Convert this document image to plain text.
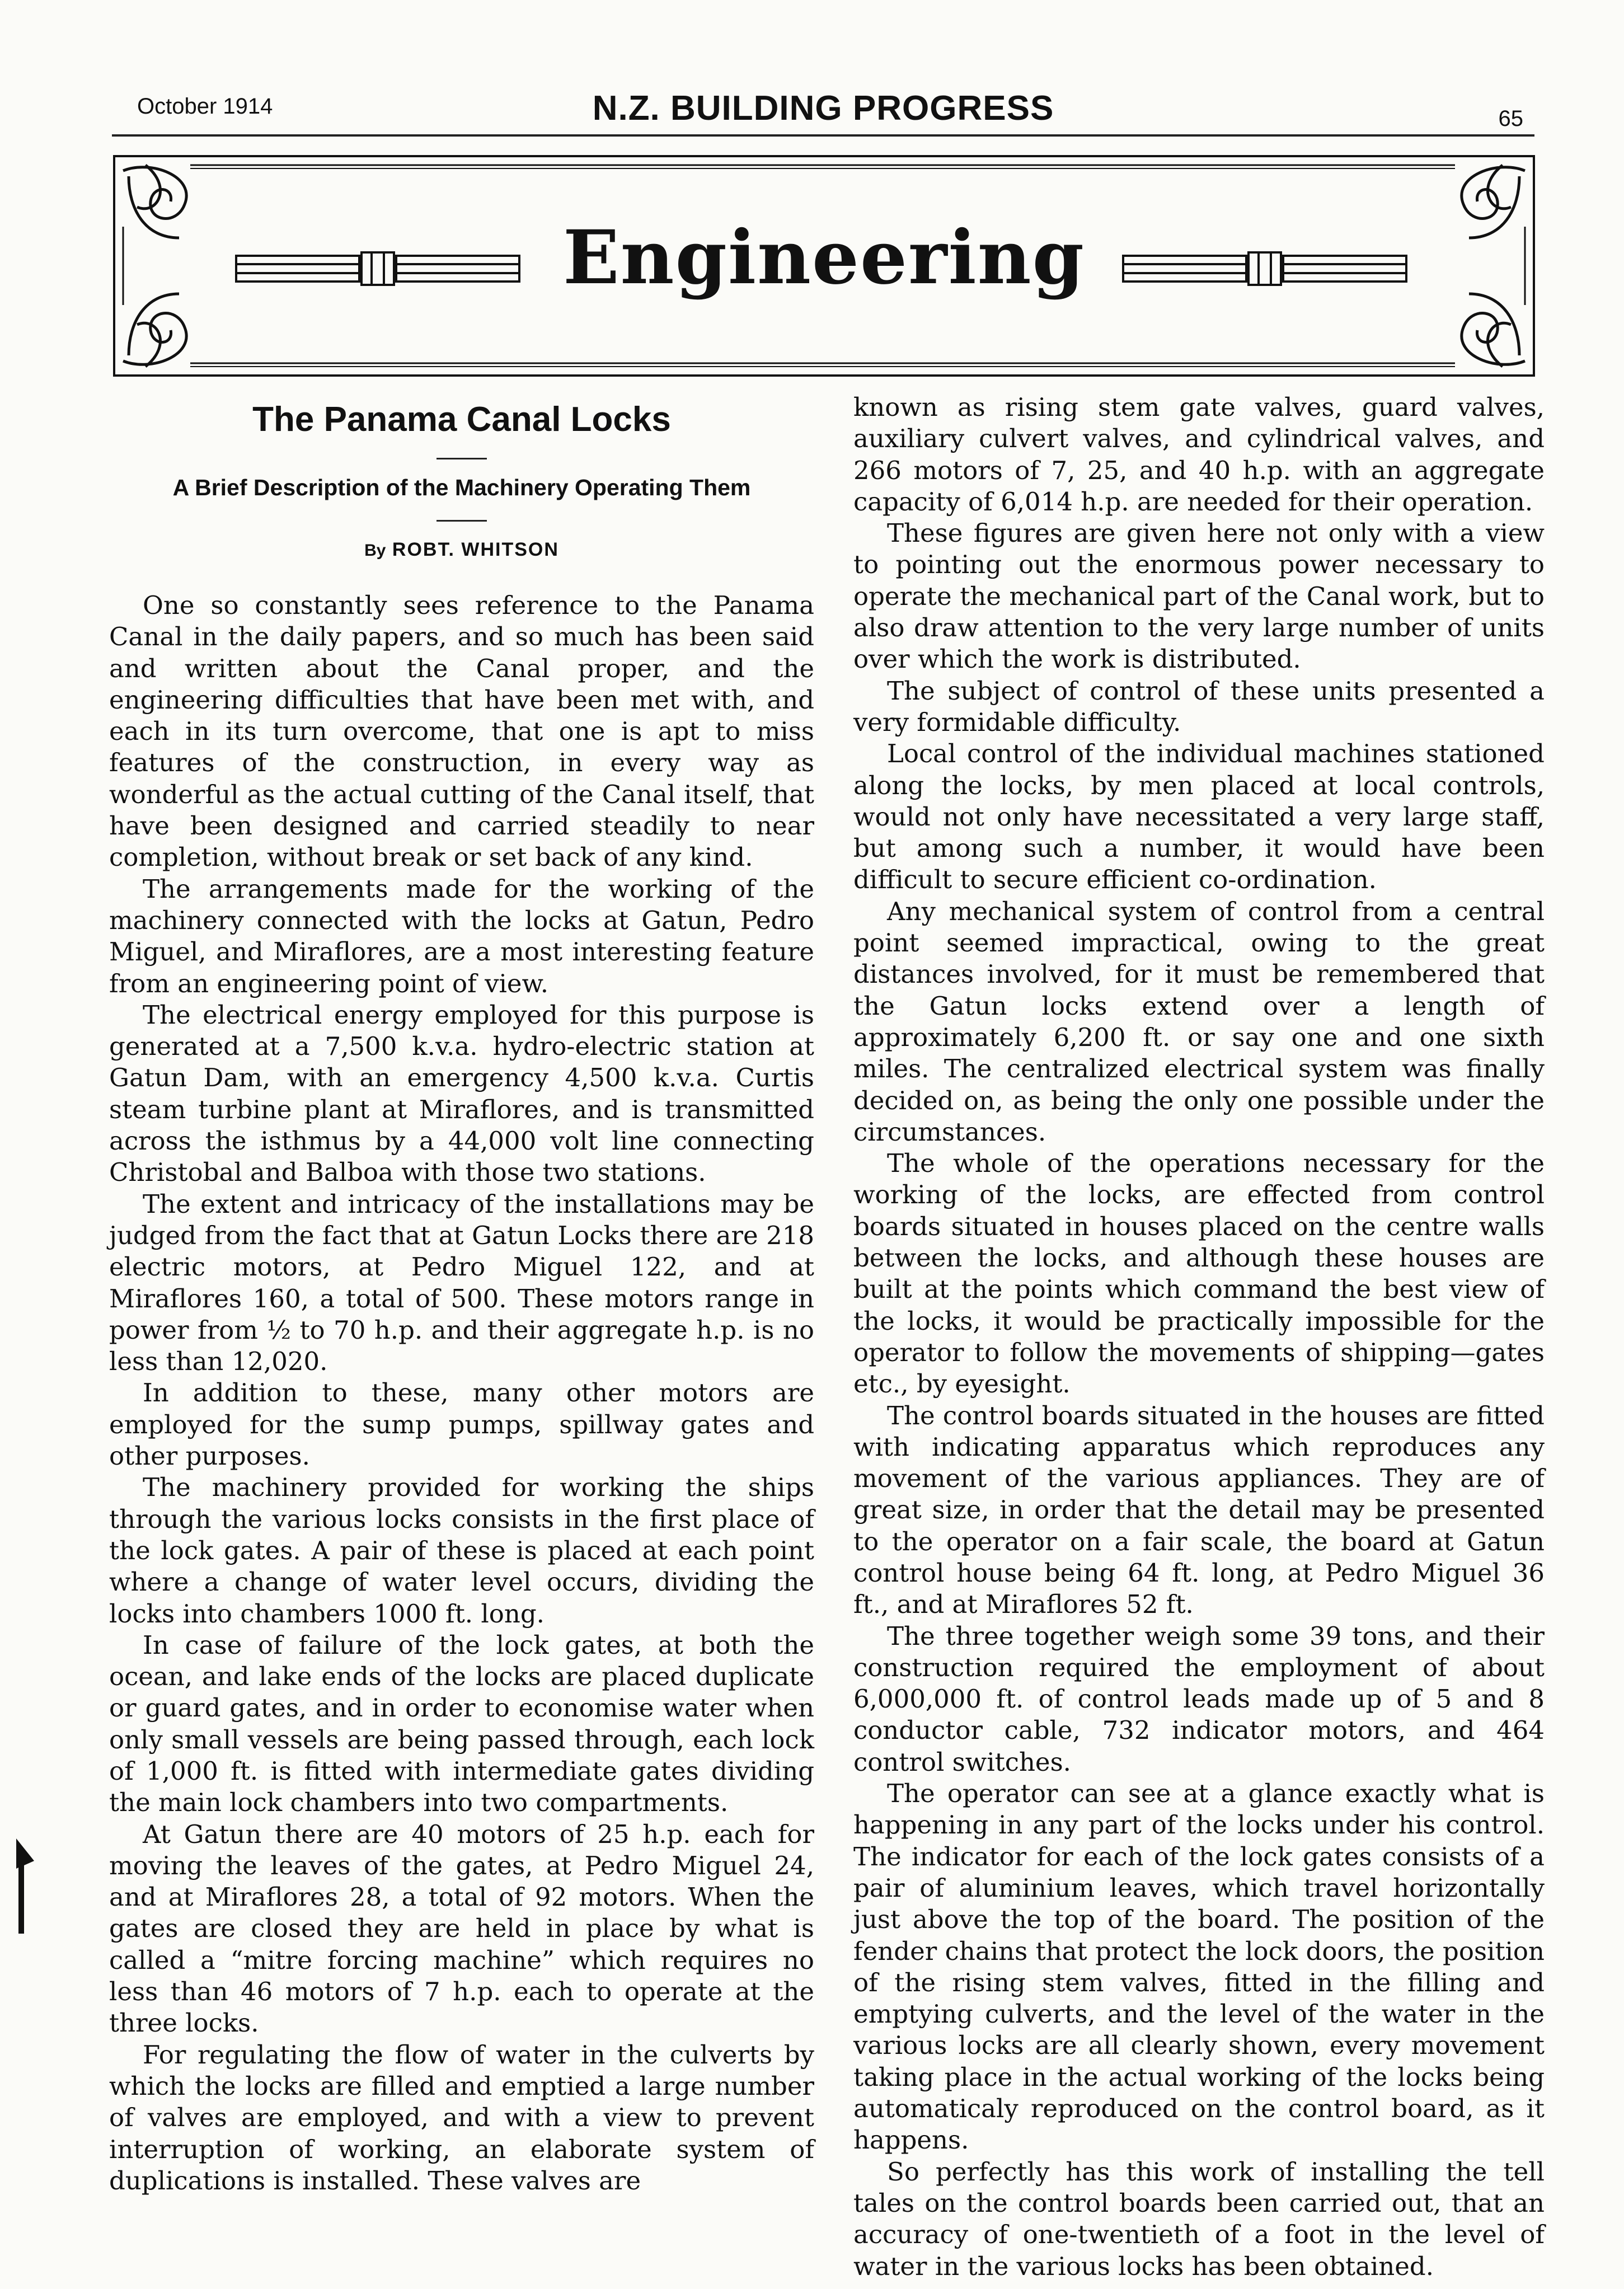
October 1914	N.Z. BUILDING PROGRESS	65
Engineering
The Panama Canal Locks

A Brief Description of the Machinery Operating Them

By ROBT. WHITSON

One so constantly sees reference to the Panama Canal in the daily papers, and so much has been said and written about the Canal proper, and the engineering difficulties that have been met with, and each in its turn overcome, that one is apt to miss features of the construction, in every way as wonderful as the actual cutting of the Canal itself, that have been designed and carried steadily to near completion, without break or set back of any kind.

The arrangements made for the working of the machinery connected with the locks at Gatun, Pedro Miguel, and Miraflores, are a most interesting feature from an engineering point of view.

The electrical energy employed for this purpose is generated at a 7,500 k.v.a. hydro-electric station at Gatun Dam, with an emergency 4,500 k.v.a. Curtis steam turbine plant at Miraflores, and is transmitted across the isthmus by a 44,000 volt line connecting Christobal and Balboa with those two stations.

The extent and intricacy of the installations may be judged from the fact that at Gatun Locks there are 218 electric motors, at Pedro Miguel 122, and at Miraflores 160, a total of 500. These motors range in power from ½ to 70 h.p. and their aggregate h.p. is no less than 12,020.

In addition to these, many other motors are employed for the sump pumps, spillway gates and other purposes.

The machinery provided for working the ships through the various locks consists in the first place of the lock gates. A pair of these is placed at each point where a change of water level occurs, dividing the locks into chambers 1000 ft. long.

In case of failure of the lock gates, at both the ocean, and lake ends of the locks are placed duplicate or guard gates, and in order to economise water when only small vessels are being passed through, each lock of 1,000 ft. is fitted with intermediate gates dividing the main lock chambers into two compartments.

At Gatun there are 40 motors of 25 h.p. each for moving the leaves of the gates, at Pedro Miguel 24, and at Miraflores 28, a total of 92 motors. When the gates are closed they are held in place by what is called a “mitre forcing machine” which requires no less than 46 motors of 7 h.p. each to operate at the three locks.

For regulating the flow of water in the culverts by which the locks are filled and emptied a large number of valves are employed, and with a view to prevent interruption of working, an elaborate system of duplications is installed. These valves are

known as rising stem gate valves, guard valves, auxiliary culvert valves, and cylindrical valves, and 266 motors of 7, 25, and 40 h.p. with an aggregate capacity of 6,014 h.p. are needed for their operation.

These figures are given here not only with a view to pointing out the enormous power necessary to operate the mechanical part of the Canal work, but to also draw attention to the very large number of units over which the work is distributed.

The subject of control of these units presented a very formidable difficulty.

Local control of the individual machines stationed along the locks, by men placed at local controls, would not only have necessitated a very large staff, but among such a number, it would have been difficult to secure efficient co-ordination.

Any mechanical system of control from a central point seemed impractical, owing to the great distances involved, for it must be remembered that the Gatun locks extend over a length of approximately 6,200 ft. or say one and one sixth miles. The centralized electrical system was finally decided on, as being the only one possible under the circumstances.

The whole of the operations necessary for the working of the locks, are effected from control boards situated in houses placed on the centre walls between the locks, and although these houses are built at the points which command the best view of the locks, it would be practically impossible for the operator to follow the movements of shipping—gates etc., by eyesight.

The control boards situated in the houses are fitted with indicating apparatus which reproduces any movement of the various appliances. They are of great size, in order that the detail may be presented to the operator on a fair scale, the board at Gatun control house being 64 ft. long, at Pedro Miguel 36 ft., and at Miraflores 52 ft.

The three together weigh some 39 tons, and their construction required the employment of about 6,000,000 ft. of control leads made up of 5 and 8 conductor cable, 732 indicator motors, and 464 control switches.

The operator can see at a glance exactly what is happening in any part of the locks under his control. The indicator for each of the lock gates consists of a pair of aluminium leaves, which travel horizontally just above the top of the board. The position of the fender chains that protect the lock doors, the position of the rising stem valves, fitted in the filling and emptying culverts, and the level of the water in the various locks are all clearly shown, every movement taking place in the actual working of the locks being automaticaly reproduced on the control board, as it happens.

So perfectly has this work of installing the tell tales on the control boards been carried out, that an accuracy of one-twentieth of a foot in the level of water in the various locks has been obtained.
